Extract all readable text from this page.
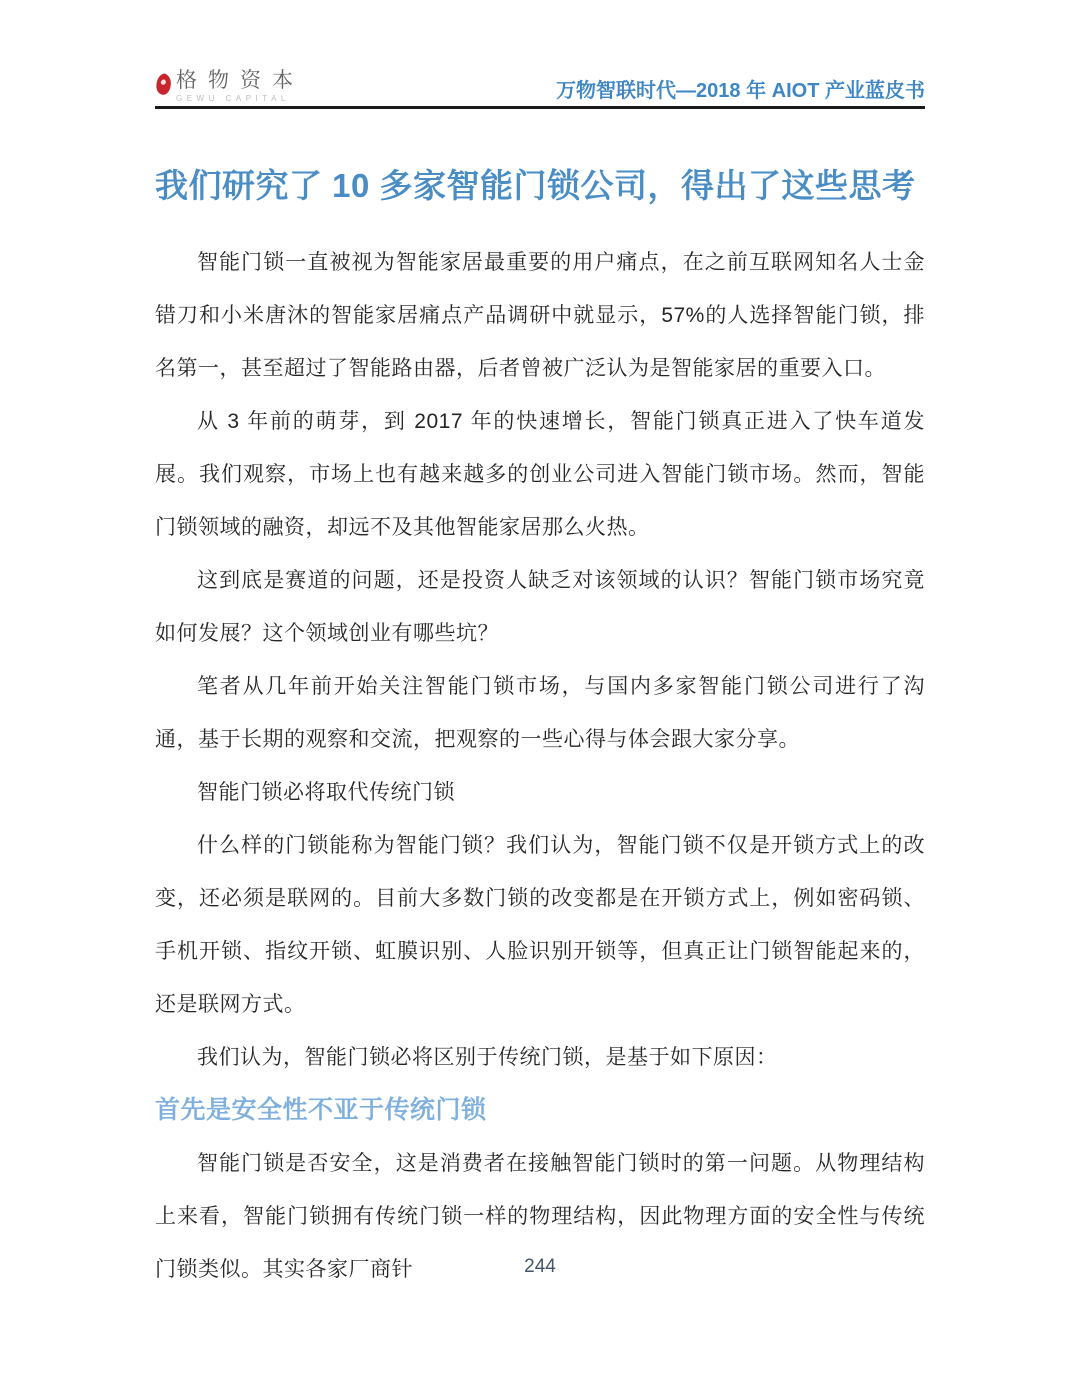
格物资本
GEWU CAPITAL	万物智联时代—2018 年 AIOT 产业蓝皮书
我们研究了 10 多家智能门锁公司，得出了这些思考

智能门锁一直被视为智能家居最重要的用户痛点，在之前互联网知名人士金错刀和小米唐沐的智能家居痛点产品调研中就显示，57%的人选择智能门锁，排名第一，甚至超过了智能路由器，后者曾被广泛认为是智能家居的重要入口。

从 3 年前的萌芽，到 2017 年的快速增长，智能门锁真正进入了快车道发展。我们观察，市场上也有越来越多的创业公司进入智能门锁市场。然而，智能门锁领域的融资，却远不及其他智能家居那么火热。

这到底是赛道的问题，还是投资人缺乏对该领域的认识？智能门锁市场究竟如何发展？这个领域创业有哪些坑？

笔者从几年前开始关注智能门锁市场，与国内多家智能门锁公司进行了沟通，基于长期的观察和交流，把观察的一些心得与体会跟大家分享。

智能门锁必将取代传统门锁

什么样的门锁能称为智能门锁？我们认为，智能门锁不仅是开锁方式上的改变，还必须是联网的。目前大多数门锁的改变都是在开锁方式上，例如密码锁、手机开锁、指纹开锁、虹膜识别、人脸识别开锁等，但真正让门锁智能起来的，还是联网方式。

我们认为，智能门锁必将区别于传统门锁，是基于如下原因：

首先是安全性不亚于传统门锁

智能门锁是否安全，这是消费者在接触智能门锁时的第一问题。从物理结构上来看，智能门锁拥有传统门锁一样的物理结构，因此物理方面的安全性与传统门锁类似。其实各家厂商针	244
